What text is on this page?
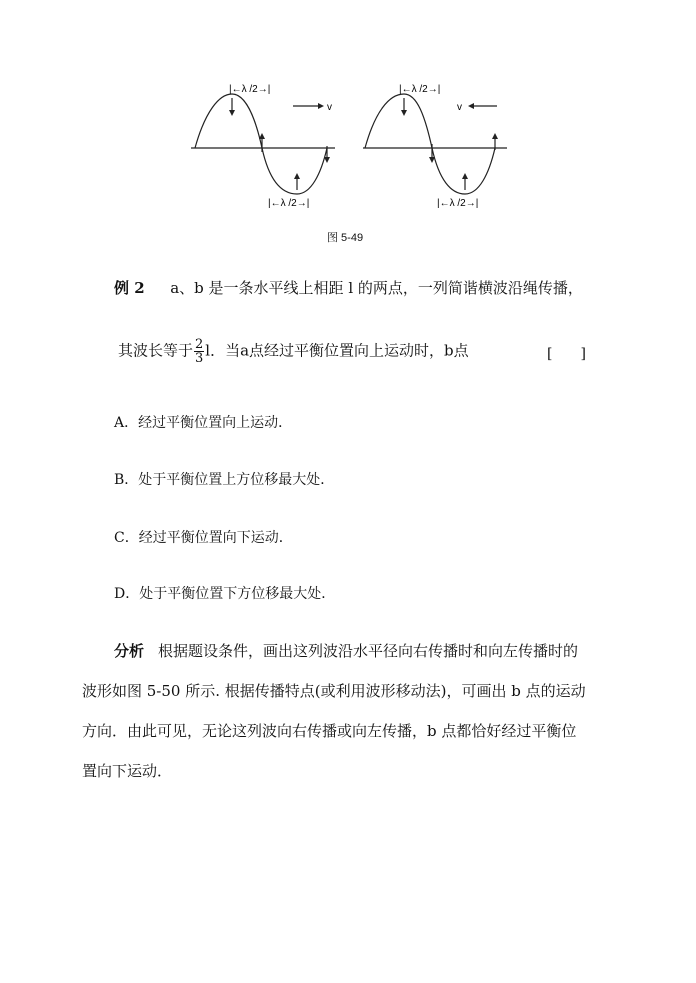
|←λ /2→|
|←λ /2→|
v
|←λ /2→|
|←λ /2→|
v
图 5-49
例 2 a、b 是一条水平线上相距 l 的两点，一列简谐横波沿绳传播，
其波长等于 $\frac{2}{3}$ l．当a点经过平衡位置向上运动时，b点	[　　]
A．经过平衡位置向上运动．
B．处于平衡位置上方位移最大处．
C．经过平衡位置向下运动．
D．处于平衡位置下方位移最大处．
分析 根据题设条件，画出这列波沿水平径向右传播时和向左传播时的
波形如图 5-50 所示. 根据传播特点(或利用波形移动法)，可画出 b 点的运动
方向．由此可见，无论这列波向右传播或向左传播，b 点都恰好经过平衡位
置向下运动．
